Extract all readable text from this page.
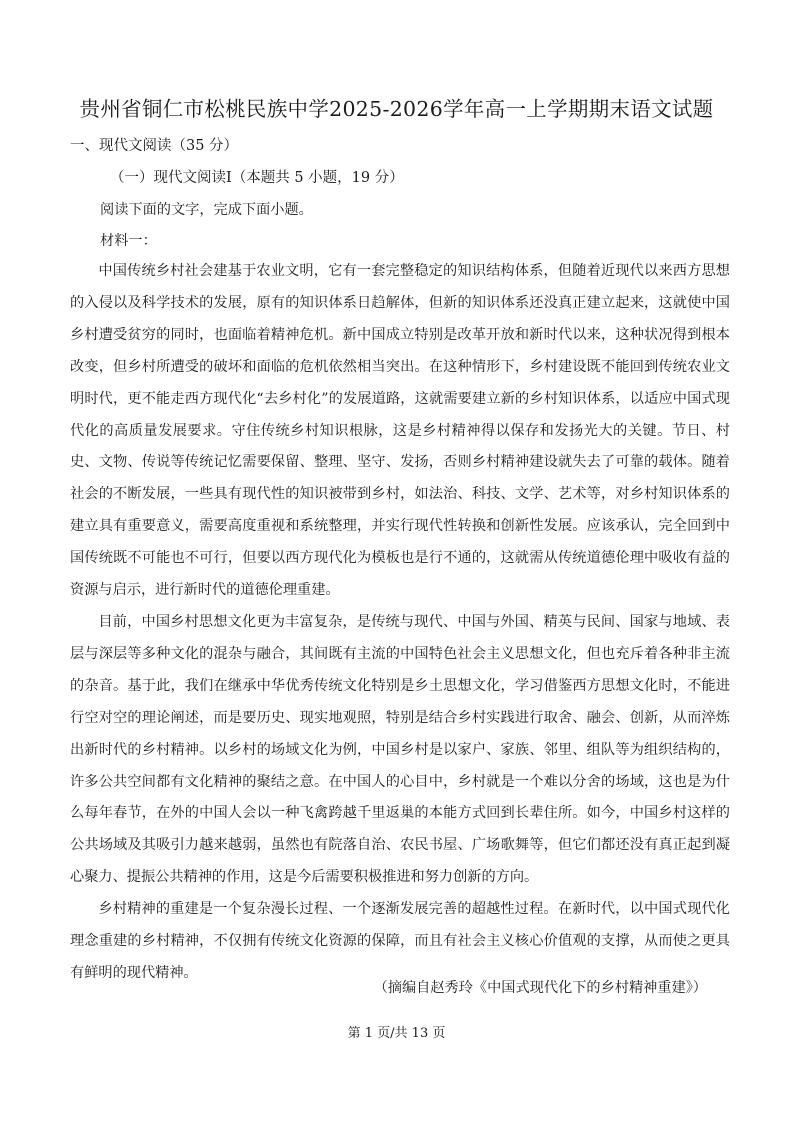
贵州省铜仁市松桃民族中学2025-2026学年高一上学期期末语文试题
一、现代文阅读（35 分）
（一）现代文阅读Ⅰ（本题共 5 小题，19 分）
阅读下面的文字，完成下面小题。
材料一：

中国传统乡村社会建基于农业文明，它有一套完整稳定的知识结构体系，但随着近现代以来西方思想的入侵以及科学技术的发展，原有的知识体系日趋解体，但新的知识体系还没真正建立起来，这就使中国乡村遭受贫穷的同时，也面临着精神危机。新中国成立特别是改革开放和新时代以来，这种状况得到根本改变，但乡村所遭受的破坏和面临的危机依然相当突出。在这种情形下，乡村建设既不能回到传统农业文明时代，更不能走西方现代化“去乡村化”的发展道路，这就需要建立新的乡村知识体系，以适应中国式现代化的高质量发展要求。守住传统乡村知识根脉，这是乡村精神得以保存和发扬光大的关键。节日、村史、文物、传说等传统记忆需要保留、整理、坚守、发扬，否则乡村精神建设就失去了可靠的载体。随着社会的不断发展，一些具有现代性的知识被带到乡村，如法治、科技、文学、艺术等，对乡村知识体系的建立具有重要意义，需要高度重视和系统整理，并实行现代性转换和创新性发展。应该承认，完全回到中国传统既不可能也不可行，但要以西方现代化为模板也是行不通的，这就需从传统道德伦理中吸收有益的资源与启示，进行新时代的道德伦理重建。

目前，中国乡村思想文化更为丰富复杂，是传统与现代、中国与外国、精英与民间、国家与地域、表层与深层等多种文化的混杂与融合，其间既有主流的中国特色社会主义思想文化，但也充斥着各种非主流的杂音。基于此，我们在继承中华优秀传统文化特别是乡土思想文化，学习借鉴西方思想文化时，不能进行空对空的理论阐述，而是要历史、现实地观照，特别是结合乡村实践进行取舍、融会、创新，从而淬炼出新时代的乡村精神。以乡村的场域文化为例，中国乡村是以家户、家族、邻里、组队等为组织结构的，许多公共空间都有文化精神的聚结之意。在中国人的心目中，乡村就是一个难以分舍的场域，这也是为什么每年春节，在外的中国人会以一种飞禽跨越千里返巢的本能方式回到长辈住所。如今，中国乡村这样的公共场域及其吸引力越来越弱，虽然也有院落自治、农民书屋、广场歌舞等，但它们都还没有真正起到凝心聚力、提振公共精神的作用，这是今后需要积极推进和努力创新的方向。

乡村精神的重建是一个复杂漫长过程、一个逐渐发展完善的超越性过程。在新时代，以中国式现代化理念重建的乡村精神，不仅拥有传统文化资源的保障，而且有社会主义核心价值观的支撑，从而使之更具有鲜明的现代精神。

（摘编自赵秀玲《中国式现代化下的乡村精神重建》）
第 1 页/共 13 页
